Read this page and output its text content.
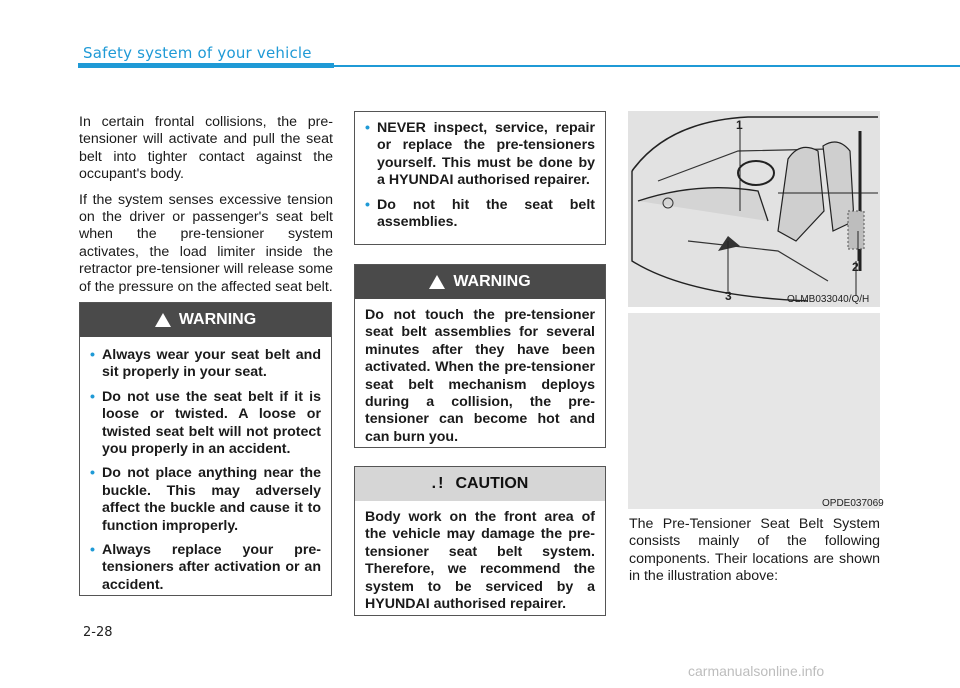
Safety system of your vehicle

In certain frontal collisions, the pre-tensioner will activate and pull the seat belt into tighter contact against the occupant's body.

If the system senses excessive tension on the driver or passenger's seat belt when the pre-tensioner system activates, the load limiter inside the retractor pre-tensioner will release some of the pressure on the affected seat belt.

WARNING
• Always wear your seat belt and sit properly in your seat.
• Do not use the seat belt if it is loose or twisted. A loose or twisted seat belt will not protect you properly in an accident.
• Do not place anything near the buckle. This may adversely affect the buckle and cause it to function improperly.
• Always replace your pre-tensioners after activation or an accident.
• NEVER inspect, service, repair or replace the pre-tensioners yourself. This must be done by a HYUNDAI authorised repairer.
• Do not hit the seat belt assemblies.
WARNING

Do not touch the pre-tensioner seat belt assemblies for several minutes after they have been activated. When the pre-tensioner seat belt mechanism deploys during a collision, the pre-tensioner can become hot and can burn you.

.! CAUTION

Body work on the front area of the vehicle may damage the pre-tensioner seat belt system. Therefore, we recommend the system to be serviced by a HYUNDAI authorised repairer.

1
2
3	OLMB033040/Q/H
OPDE037069

The Pre-Tensioner Seat Belt System consists mainly of the following components. Their locations are shown in the illustration above:

2-28
carmanualsonline.info
